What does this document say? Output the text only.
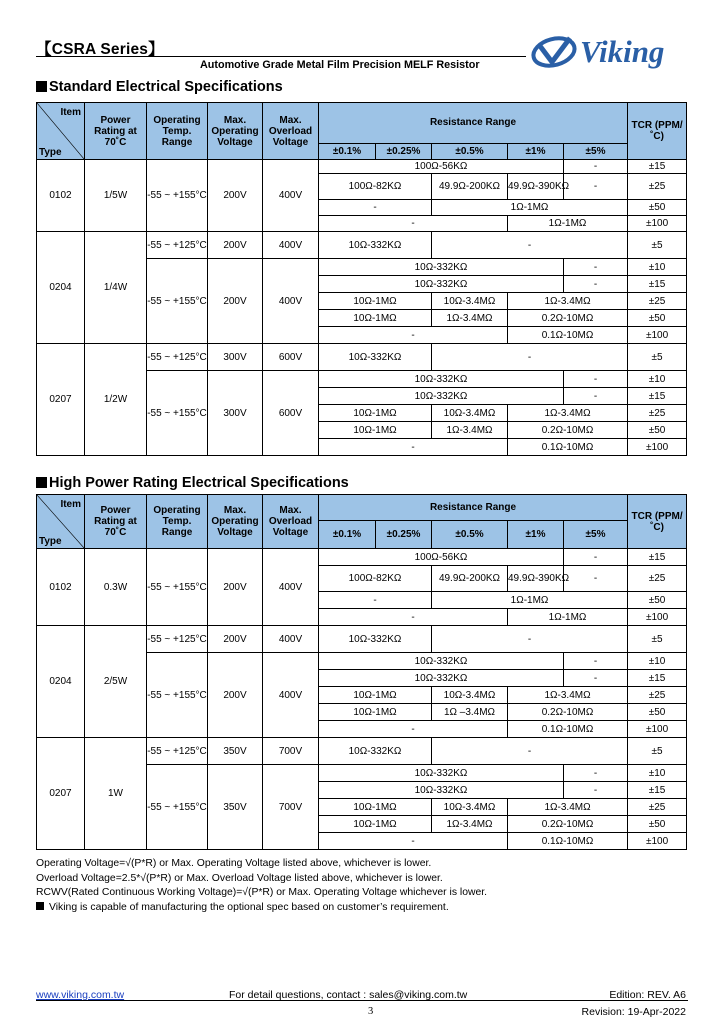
【CSRA Series】
Automotive Grade Metal Film Precision MELF Resistor	Viking
Standard Electrical Specifications
Item
Type	Power Rating at 70˚C	Operating Temp. Range	Max. Operating Voltage	Max. Overload Voltage	Resistance Range					TCR (PPM/˚C)
					±0.1%	±0.25%	±0.5%	±1%	±5%	
0102	1/5W	-55 ~ +155°C	200V	400V	100Ω-56KΩ				-	±15
					100Ω-82KΩ		49.9Ω-200KΩ	49.9Ω-390KΩ	-	±25
					-		1Ω-1MΩ			±50
					-			1Ω-1MΩ		±100
0204	1/4W	-55 ~ +125°C	200V	400V	10Ω-332KΩ		-			±5
		-55 ~ +155°C	200V	400V	10Ω-332KΩ				-	±10
					10Ω-332KΩ				-	±15
					10Ω-1MΩ		10Ω-3.4MΩ	1Ω-3.4MΩ		±25
					10Ω-1MΩ		1Ω-3.4MΩ	0.2Ω-10MΩ		±50
					-			0.1Ω-10MΩ		±100
0207	1/2W	-55 ~ +125°C	300V	600V	10Ω-332KΩ		-			±5
		-55 ~ +155°C	300V	600V	10Ω-332KΩ				-	±10
					10Ω-332KΩ				-	±15
					10Ω-1MΩ		10Ω-3.4MΩ	1Ω-3.4MΩ		±25
					10Ω-1MΩ		1Ω-3.4MΩ	0.2Ω-10MΩ		±50
					-			0.1Ω-10MΩ		±100
High Power Rating Electrical Specifications
Item
Type	Power Rating at 70˚C	Operating Temp. Range	Max. Operating Voltage	Max. Overload Voltage	Resistance Range					TCR (PPM/˚C)
					±0.1%	±0.25%	±0.5%	±1%	±5%	
0102	0.3W	-55 ~ +155°C	200V	400V	100Ω-56KΩ				-	±15
					100Ω-82KΩ		49.9Ω-200KΩ	49.9Ω-390KΩ	-	±25
					-		1Ω-1MΩ			±50
					-			1Ω-1MΩ		±100
0204	2/5W	-55 ~ +125°C	200V	400V	10Ω-332KΩ		-			±5
		-55 ~ +155°C	200V	400V	10Ω-332KΩ				-	±10
					10Ω-332KΩ				-	±15
					10Ω-1MΩ		10Ω-3.4MΩ	1Ω-3.4MΩ		±25
					10Ω-1MΩ		1Ω –3.4MΩ	0.2Ω-10MΩ		±50
					-			0.1Ω-10MΩ		±100
0207	1W	-55 ~ +125°C	350V	700V	10Ω-332KΩ		-			±5
		-55 ~ +155°C	350V	700V	10Ω-332KΩ				-	±10
					10Ω-332KΩ				-	±15
					10Ω-1MΩ		10Ω-3.4MΩ	1Ω-3.4MΩ		±25
					10Ω-1MΩ		1Ω-3.4MΩ	0.2Ω-10MΩ		±50
					-			0.1Ω-10MΩ		±100
Operating Voltage=√(P*R) or Max. Operating Voltage listed above, whichever is lower.
Overload Voltage=2.5*√(P*R) or Max. Overload Voltage listed above, whichever is lower.
RCWV(Rated Continuous Working Voltage)=√(P*R) or Max. Operating Voltage whichever is lower.
Viking is capable of manufacturing the optional spec based on customer’s requirement.
www.viking.com.tw	For detail questions, contact : sales@viking.com.tw	Edition: REV. A6
3	Revision: 19-Apr-2022
